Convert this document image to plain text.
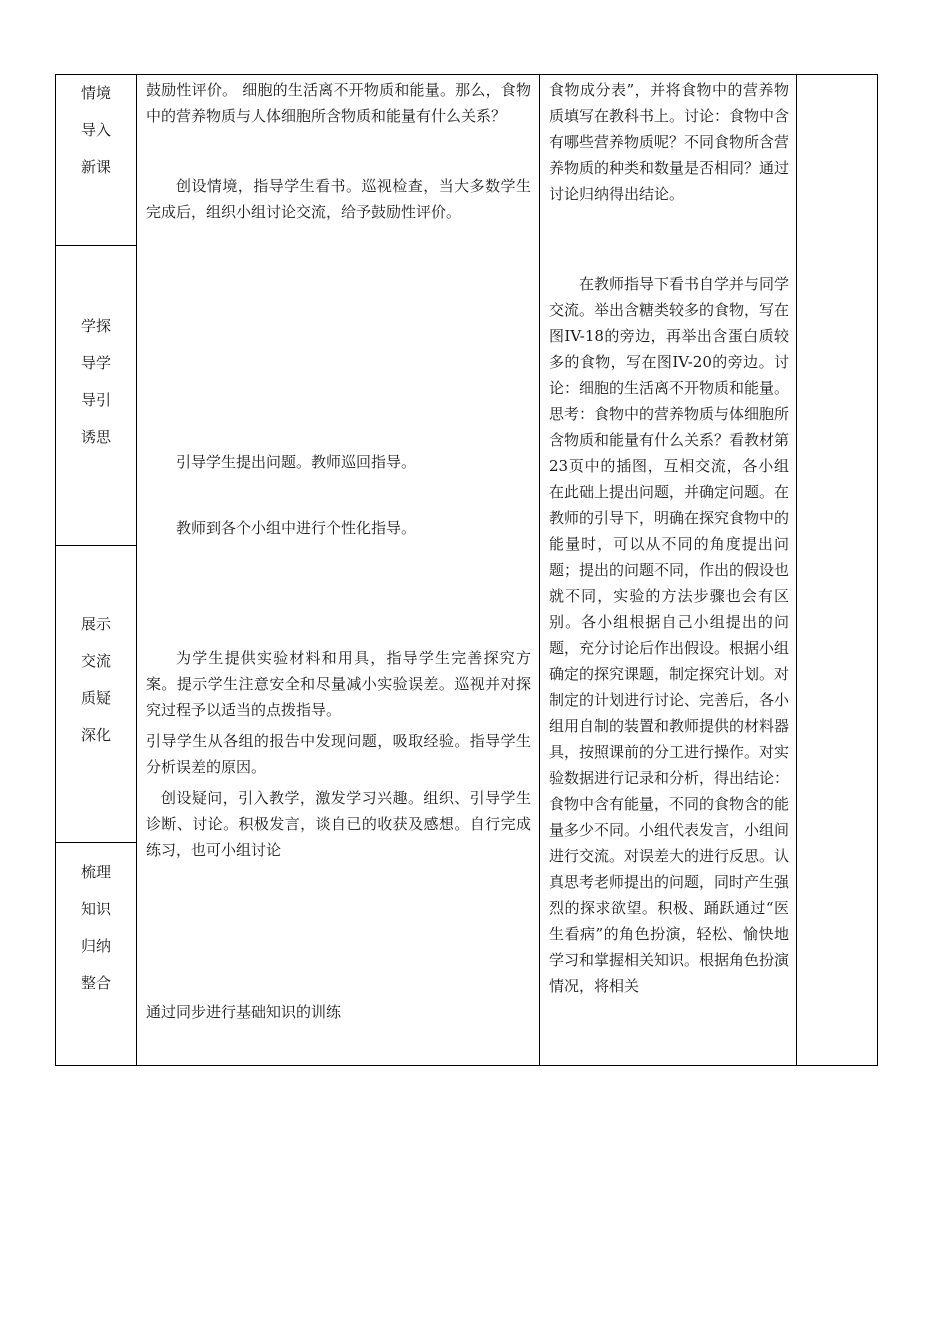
情境
导入
新课
学探
导学
导引
诱思
展示
交流
质疑
深化
梳理
知识
归纳
整合
鼓励性评价。 细胞的生活离不开物质和能量。那么，食物中的营养物质与人体细胞所含物质和能量有什么关系？
创设情境，指导学生看书。巡视检查，当大多数学生完成后，组织小组讨论交流，给予鼓励性评价。
引导学生提出问题。教师巡回指导。
教师到各个小组中进行个性化指导。
为学生提供实验材料和用具，指导学生完善探究方案。提示学生注意安全和尽量减小实验误差。巡视并对探究过程予以适当的点拨指导。
引导学生从各组的报告中发现问题，吸取经验。指导学生分析误差的原因。
创设疑问，引入教学，激发学习兴趣。组织、引导学生诊断、讨论。积极发言，谈自已的收获及感想。自行完成练习，也可小组讨论
通过同步进行基础知识的训练
食物成分表”，并将食物中的营养物质填写在教科书上。讨论：食物中含有哪些营养物质呢？不同食物所含营养物质的种类和数量是否相同？通过讨论归纳得出结论。
在教师指导下看书自学并与同学交流。举出含糖类较多的食物，写在图IV-18的旁边，再举出含蛋白质较多的食物，写在图IV-20的旁边。讨论：细胞的生活离不开物质和能量。思考：食物中的营养物质与体细胞所含物质和能量有什么关系？看教材第23页中的插图，互相交流，各小组在此础上提出问题，并确定问题。在教师的引导下，明确在探究食物中的能量时，可以从不同的角度提出问题；提出的问题不同，作出的假设也就不同，实验的方法步骤也会有区别。各小组根据自己小组提出的问题，充分讨论后作出假设。根据小组确定的探究课题，制定探究计划。对制定的计划进行讨论、完善后，各小组用自制的装置和教师提供的材料器具，按照课前的分工进行操作。对实验数据进行记录和分析，得出结论：食物中含有能量，不同的食物含的能量多少不同。小组代表发言，小组间进行交流。对误差大的进行反思。认真思考老师提出的问题，同时产生强烈的探求欲望。积极、踊跃通过“医生看病”的角色扮演，轻松、愉快地学习和掌握相关知识。根据角色扮演情况，将相关
